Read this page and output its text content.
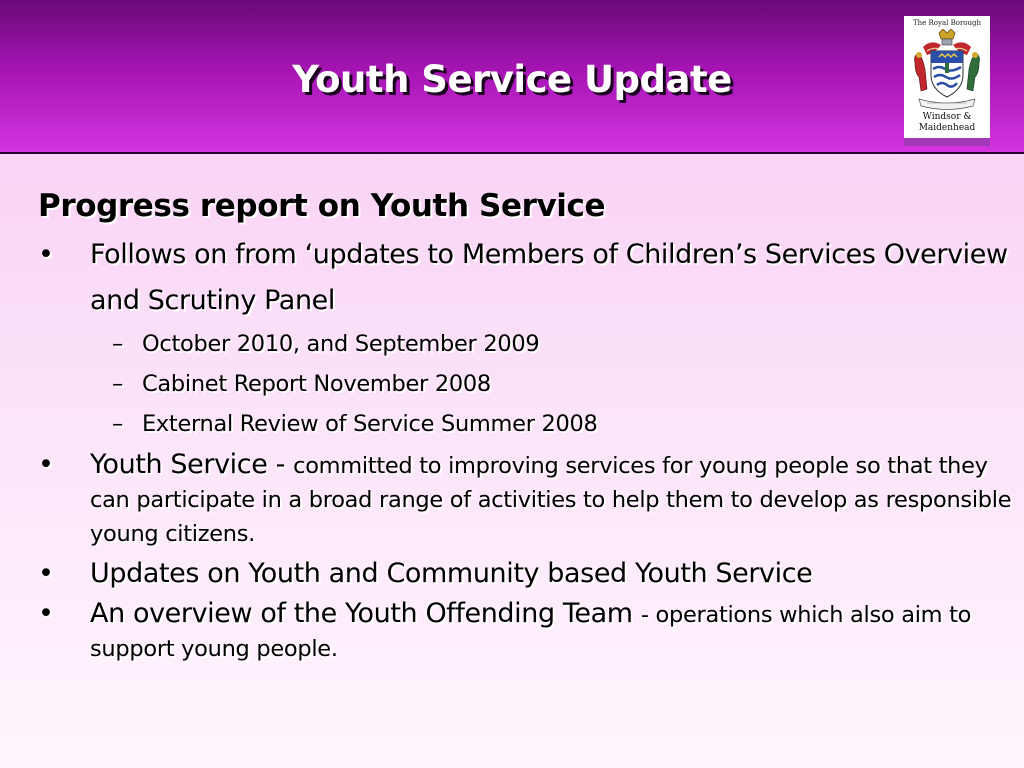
Youth Service Update
The Royal Borough
Windsor &
Maidenhead
Progress report on Youth Service
• Follows on from ‘updates to Members of Children’s Services Overview and Scrutiny Panel
– October 2010, and September 2009
– Cabinet Report November 2008
– External Review of Service Summer 2008
• Youth Service - committed to improving services for young people so that they can participate in a broad range of activities to help them to develop as responsible young citizens.
• Updates on Youth and Community based Youth Service
• An overview of the Youth Offending Team - operations which also aim to support young people.
